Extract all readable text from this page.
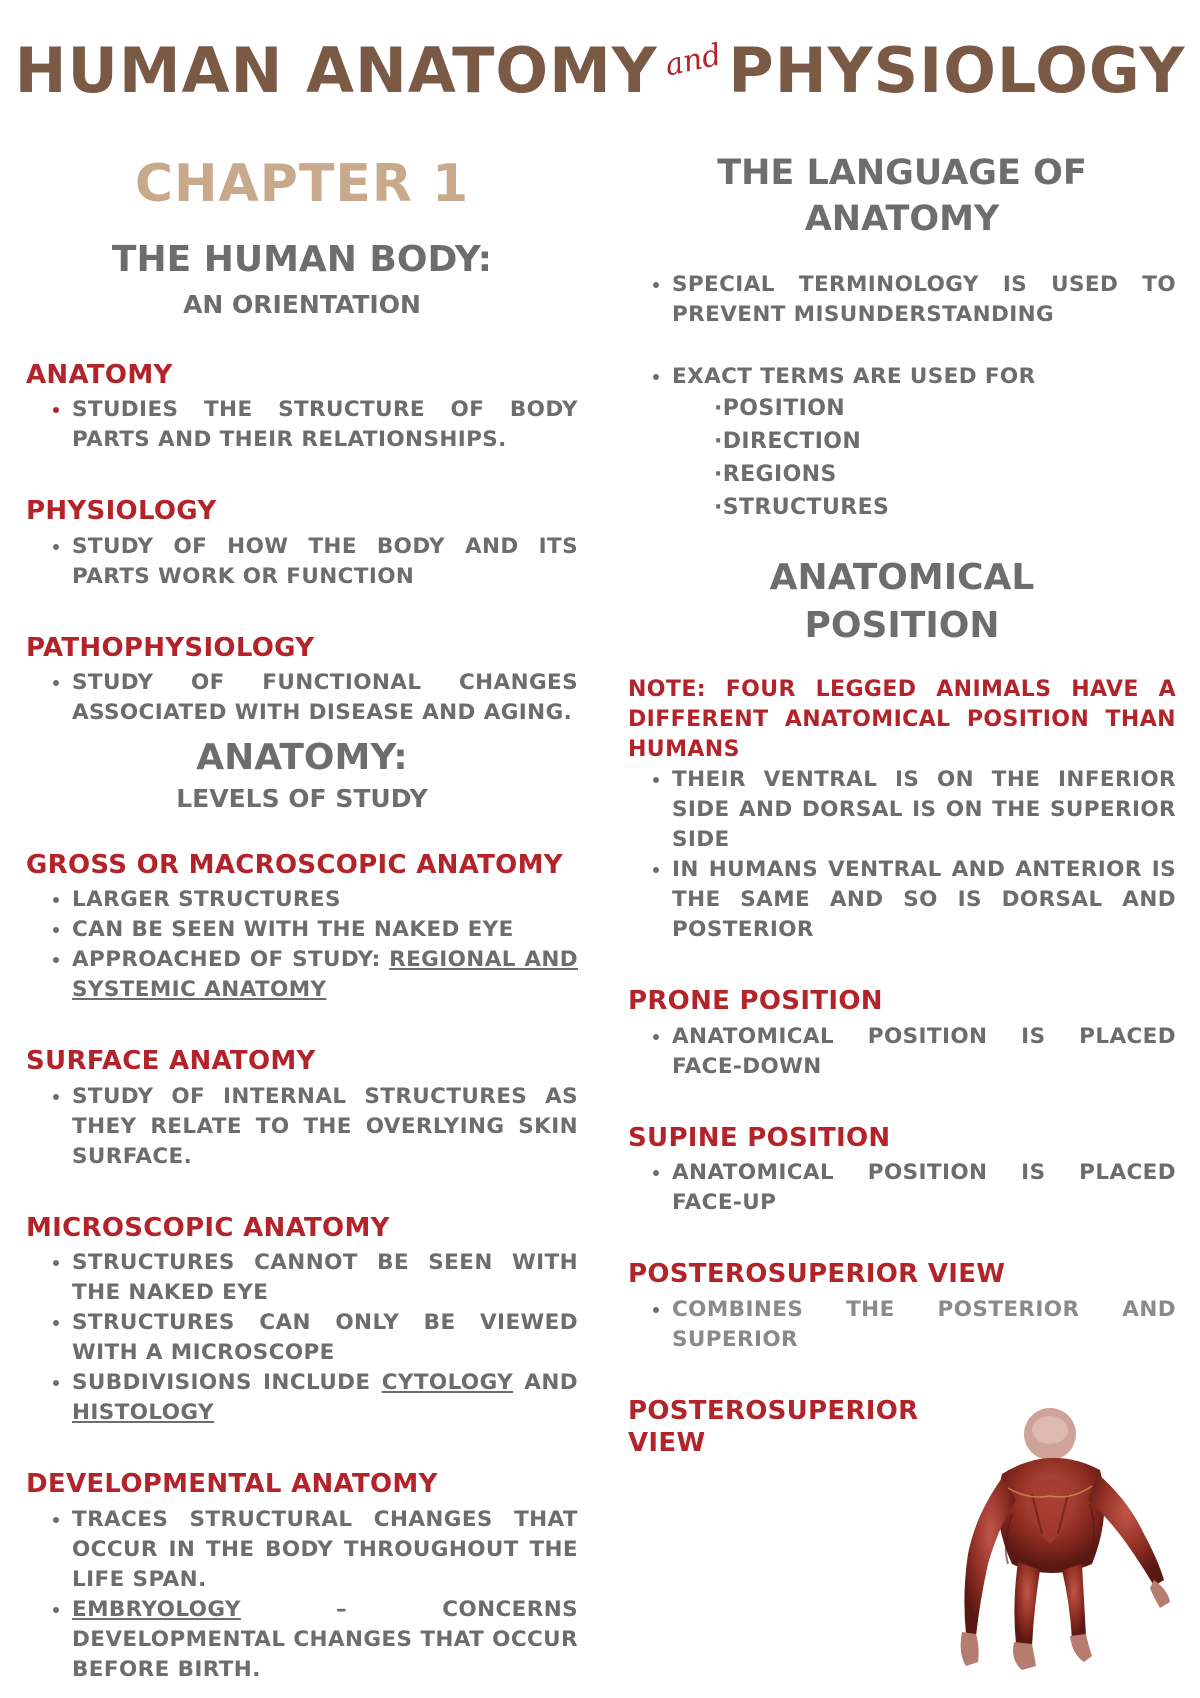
HUMAN ANATOMY and PHYSIOLOGY
CHAPTER 1
THE HUMAN BODY:
AN ORIENTATION
ANATOMY
• STUDIES THE STRUCTURE OF BODY PARTS AND THEIR RELATIONSHIPS.
PHYSIOLOGY
• STUDY OF HOW THE BODY AND ITS PARTS WORK OR FUNCTION
PATHOPHYSIOLOGY
• STUDY OF FUNCTIONAL CHANGES ASSOCIATED WITH DISEASE AND AGING.
ANATOMY:
LEVELS OF STUDY
GROSS OR MACROSCOPIC ANATOMY
• LARGER STRUCTURES
• CAN BE SEEN WITH THE NAKED EYE
• APPROACHED OF STUDY: REGIONAL AND SYSTEMIC ANATOMY
SURFACE ANATOMY
• STUDY OF INTERNAL STRUCTURES AS THEY RELATE TO THE OVERLYING SKIN SURFACE.
MICROSCOPIC ANATOMY
• STRUCTURES CANNOT BE SEEN WITH THE NAKED EYE
• STRUCTURES CAN ONLY BE VIEWED WITH A MICROSCOPE
• SUBDIVISIONS INCLUDE CYTOLOGY AND HISTOLOGY
DEVELOPMENTAL ANATOMY
• TRACES STRUCTURAL CHANGES THAT OCCUR IN THE BODY THROUGHOUT THE LIFE SPAN.
• EMBRYOLOGY – CONCERNS DEVELOPMENTAL CHANGES THAT OCCUR BEFORE BIRTH.
THE LANGUAGE OF ANATOMY
• SPECIAL TERMINOLOGY IS USED TO PREVENT MISUNDERSTANDING
• EXACT TERMS ARE USED FOR
·POSITION
·DIRECTION
·REGIONS
·STRUCTURES
ANATOMICAL POSITION
NOTE: FOUR LEGGED ANIMALS HAVE A DIFFERENT ANATOMICAL POSITION THAN HUMANS
• THEIR VENTRAL IS ON THE INFERIOR SIDE AND DORSAL IS ON THE SUPERIOR SIDE
• IN HUMANS VENTRAL AND ANTERIOR IS THE SAME AND SO IS DORSAL AND POSTERIOR
PRONE POSITION
• ANATOMICAL POSITION IS PLACED FACE-DOWN
SUPINE POSITION
• ANATOMICAL POSITION IS PLACED FACE-UP
POSTEROSUPERIOR VIEW
• COMBINES THE POSTERIOR AND SUPERIOR
POSTEROSUPERIOR VIEW
